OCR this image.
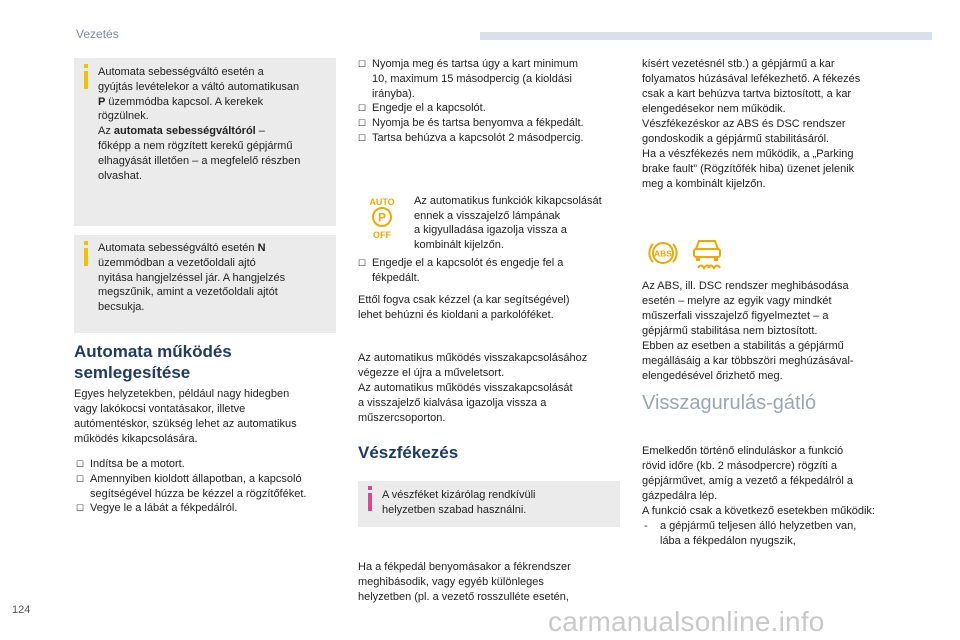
Vezetés
Automata sebességváltó esetén a
gyújtás levételekor a váltó automatikusan
P üzemmódba kapcsol. A kerekek
rögzülnek.
Az automata sebességváltóról –
főképp a nem rögzített kerekű gépjármű
elhagyását illetően – a megfelelő részben
olvashat.
Automata sebességváltó esetén N
üzemmódban a vezetőoldali ajtó
nyitása hangjelzéssel jár. A hangjelzés
megszűnik, amint a vezetőoldali ajtót
becsukja.
Automata működés
semlegesítése
Egyes helyzetekben, például nagy hidegben
vagy lakókocsi vontatásakor, illetve
autómentéskor, szükség lehet az automatikus
működés kikapcsolására.
☐ Indítsa be a motort.
☐ Amennyiben kioldott állapotban, a kapcsoló
segítségével húzza be kézzel a rögzítőféket.
☐ Vegye le a lábát a fékpedálról.
☐ Nyomja meg és tartsa úgy a kart minimum
10, maximum 15 másodpercig (a kioldási
irányba).
☐ Engedje el a kapcsolót.
☐ Nyomja be és tartsa benyomva a fékpedált.
☐ Tartsa behúzva a kapcsolót 2 másodpercig.
AUTO
P
OFF
Az automatikus funkciók kikapcsolását
ennek a visszajelző lámpának
a kigyulladása igazolja vissza a
kombinált kijelzőn.
☐ Engedje el a kapcsolót és engedje fel a
fékpedált.
Ettől fogva csak kézzel (a kar segítségével)
lehet behúzni és kioldani a parkolóféket.
Az automatikus működés visszakapcsolásához
végezze el újra a műveletsort.
Az automatikus működés visszakapcsolását
a visszajelző kialvása igazolja vissza a
műszercsoporton.
Vészfékezés
A vészféket kizárólag rendkívüli
helyzetben szabad használni.
Ha a fékpedál benyomásakor a fékrendszer
meghibásodik, vagy egyéb különleges
helyzetben (pl. a vezető rosszulléte esetén,
kísért vezetésnél stb.) a gépjármű a kar
folyamatos húzásával lefékezhető. A fékezés
csak a kart behúzva tartva biztosított, a kar
elengedésekor nem működik.
Vészfékezéskor az ABS és DSC rendszer
gondoskodik a gépjármű stabilitásáról.
Ha a vészfékezés nem működik, a „Parking
brake fault” (Rögzítőfék hiba) üzenet jelenik
meg a kombinált kijelzőn.
ABS
Az ABS, ill. DSC rendszer meghibásodása
esetén – melyre az egyik vagy mindkét
műszerfali visszajelző figyelmeztet – a
gépjármű stabilitása nem biztosított.
Ebben az esetben a stabilitás a gépjármű
megállásáig a kar többszöri meghúzásával-
elengedésével őrizhető meg.
Visszagurulás-gátló
Emelkedőn történő elinduláskor a funkció
rövid időre (kb. 2 másodpercre) rögzíti a
gépjárművet, amíg a vezető a fékpedálról a
gázpedálra lép.
A funkció csak a következő esetekben működik:
- a gépjármű teljesen álló helyzetben van,
lába a fékpedálon nyugszik,
124	carmanualsonline.info
